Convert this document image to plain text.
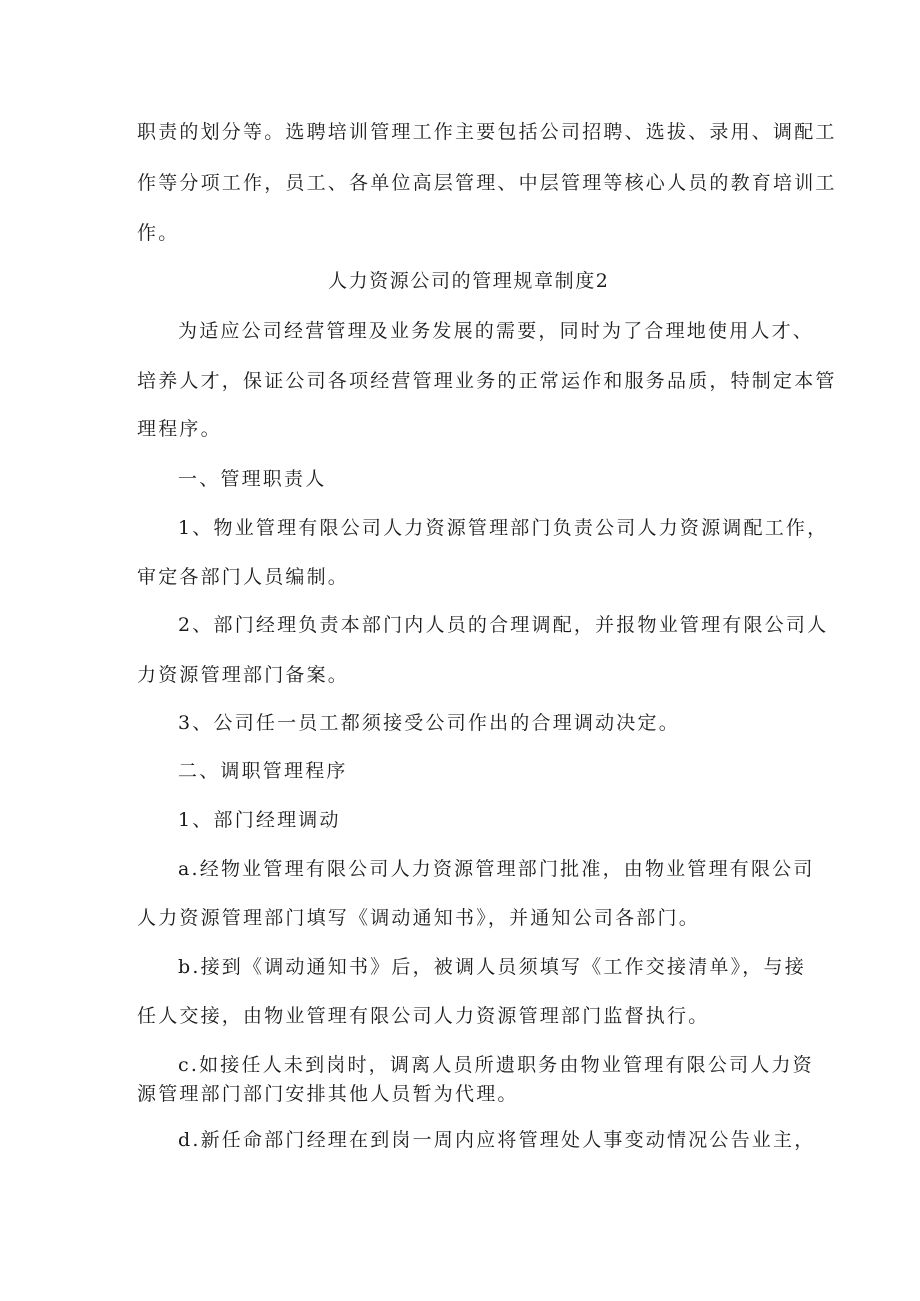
职责的划分等。选聘培训管理工作主要包括公司招聘、选拔、录用、调配工
作等分项工作，员工、各单位高层管理、中层管理等核心人员的教育培训工
作。
人力资源公司的管理规章制度2
为适应公司经营管理及业务发展的需要，同时为了合理地使用人才、
培养人才，保证公司各项经营管理业务的正常运作和服务品质，特制定本管
理程序。
一、管理职责人
1、物业管理有限公司人力资源管理部门负责公司人力资源调配工作，
审定各部门人员编制。
2、部门经理负责本部门内人员的合理调配，并报物业管理有限公司人
力资源管理部门备案。
3、公司任一员工都须接受公司作出的合理调动决定。
二、调职管理程序
1、部门经理调动
a.经物业管理有限公司人力资源管理部门批准，由物业管理有限公司
人力资源管理部门填写《调动通知书》，并通知公司各部门。
b.接到《调动通知书》后，被调人员须填写《工作交接清单》，与接
任人交接，由物业管理有限公司人力资源管理部门监督执行。
c.如接任人未到岗时，调离人员所遗职务由物业管理有限公司人力资
源管理部门部门安排其他人员暂为代理。
d.新任命部门经理在到岗一周内应将管理处人事变动情况公告业主，
